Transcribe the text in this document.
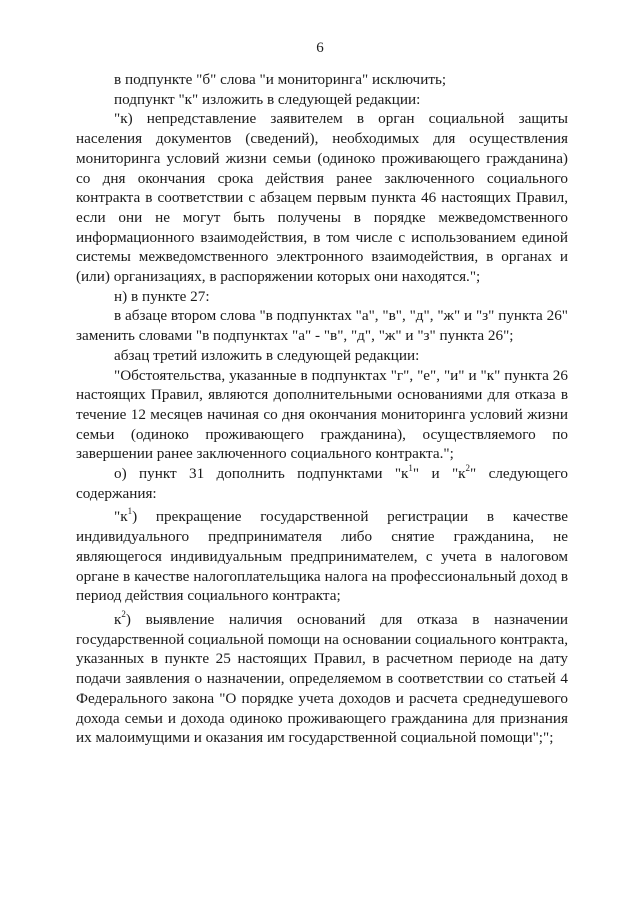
6

в подпункте "б" слова "и мониторинга" исключить;

подпункт "к" изложить в следующей редакции:

"к) непредставление заявителем в орган социальной защиты населения документов (сведений), необходимых для осуществления мониторинга условий жизни семьи (одиноко проживающего гражданина) со дня окончания срока действия ранее заключенного социального контракта в соответствии с абзацем первым пункта 46 настоящих Правил, если они не могут быть получены в порядке межведомственного информационного взаимодействия, в том числе с использованием единой системы межведомственного электронного взаимодействия, в органах и (или) организациях, в распоряжении которых они находятся.";

н) в пункте 27:

в абзаце втором слова "в подпунктах "а", "в", "д", "ж" и "з" пункта 26" заменить словами "в подпунктах "а" - "в", "д", "ж" и "з" пункта 26";

абзац третий изложить в следующей редакции:

"Обстоятельства, указанные в подпунктах "г", "е", "и" и "к" пункта 26 настоящих Правил, являются дополнительными основаниями для отказа в течение 12 месяцев начиная со дня окончания мониторинга условий жизни семьи (одиноко проживающего гражданина), осуществляемого по завершении ранее заключенного социального контракта.";

о) пункт 31 дополнить подпунктами "$к^1$" и "$к^2$" следующего содержания:

"$к^1$) прекращение государственной регистрации в качестве индивидуального предпринимателя либо снятие гражданина, не являющегося индивидуальным предпринимателем, с учета в налоговом органе в качестве налогоплательщика налога на профессиональный доход в период действия социального контракта;

$к^2$) выявление наличия оснований для отказа в назначении государственной социальной помощи на основании социального контракта, указанных в пункте 25 настоящих Правил, в расчетном периоде на дату подачи заявления о назначении, определяемом в соответствии со статьей 4 Федерального закона "О порядке учета доходов и расчета среднедушевого дохода семьи и дохода одиноко проживающего гражданина для признания их малоимущими и оказания им государственной социальной помощи";";
